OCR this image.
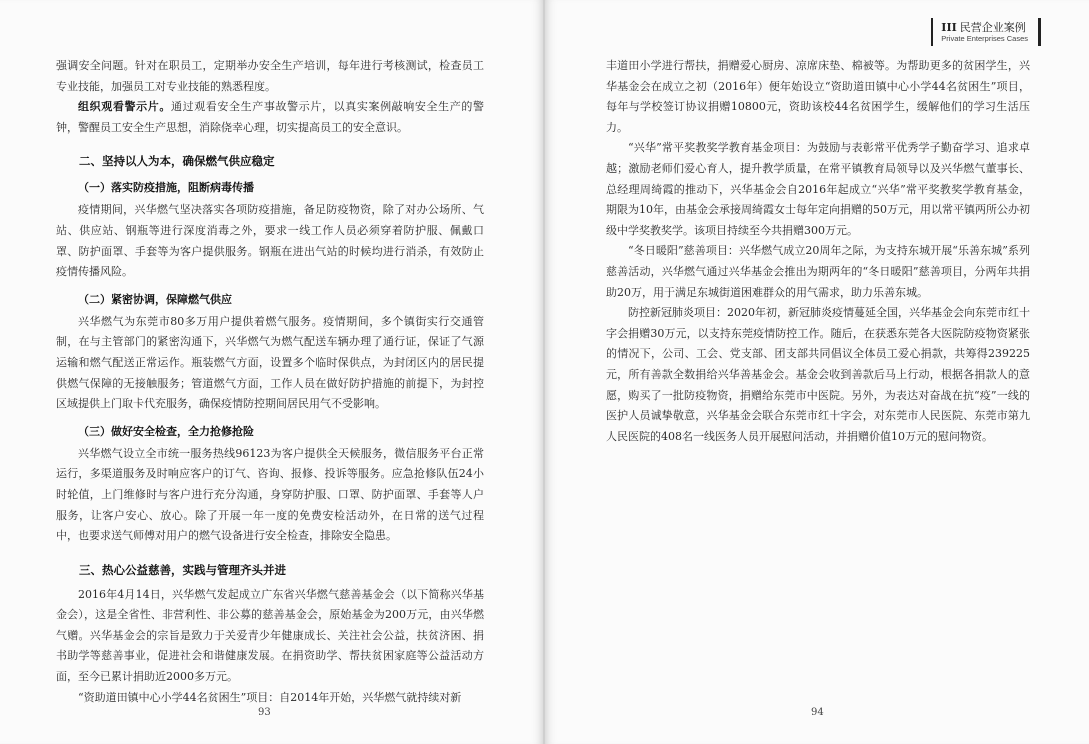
强调安全问题。针对在职员工，定期举办安全生产培训，每年进行考核测试，检查员工专业技能，加强员工对专业技能的熟悉程度。

组织观看警示片。通过观看安全生产事故警示片，以真实案例敲响安全生产的警钟，警醒员工安全生产思想，消除侥幸心理，切实提高员工的安全意识。

二、坚持以人为本，确保燃气供应稳定
（一）落实防疫措施，阻断病毒传播

疫情期间，兴华燃气坚决落实各项防疫措施，备足防疫物资，除了对办公场所、气站、供应站、钢瓶等进行深度消毒之外，要求一线工作人员必须穿着防护服、佩戴口罩、防护面罩、手套等为客户提供服务。钢瓶在进出气站的时候均进行消杀，有效防止疫情传播风险。

（二）紧密协调，保障燃气供应

兴华燃气为东莞市80多万用户提供着燃气服务。疫情期间，多个镇街实行交通管制，在与主管部门的紧密沟通下，兴华燃气为燃气配送车辆办理了通行证，保证了气源运输和燃气配送正常运作。瓶装燃气方面，设置多个临时保供点，为封闭区内的居民提供燃气保障的无接触服务；管道燃气方面，工作人员在做好防护措施的前提下，为封控区域提供上门取卡代充服务，确保疫情防控期间居民用气不受影响。

（三）做好安全检查，全力抢修抢险

兴华燃气设立全市统一服务热线96123为客户提供全天候服务，微信服务平台正常运行，多渠道服务及时响应客户的订气、咨询、报修、投诉等服务。应急抢修队伍24小时轮值，上门维修时与客户进行充分沟通，身穿防护服、口罩、防护面罩、手套等人户服务，让客户安心、放心。除了开展一年一度的免费安检活动外，在日常的送气过程中，也要求送气师傅对用户的燃气设备进行安全检查，排除安全隐患。

三、热心公益慈善，实践与管理齐头并进

2016年4月14日，兴华燃气发起成立广东省兴华燃气慈善基金会（以下简称兴华基金会），这是全省性、非营利性、非公募的慈善基金会，原始基金为200万元，由兴华燃气赠。兴华基金会的宗旨是致力于关爱青少年健康成长、关注社会公益，扶贫济困、捐书助学等慈善事业，促进社会和谐健康发展。在捐资助学、帮扶贫困家庭等公益活动方面，至今已累计捐助近2000多万元。

“资助道田镇中心小学44名贫困生”项目：自2014年开始，兴华燃气就持续对新

93
III 民营企业案例
Private Enterprises Cases

丰道田小学进行帮扶，捐赠爱心厨房、凉席床垫、棉被等。为帮助更多的贫困学生，兴华基金会在成立之初（2016年）便年始设立“资助道田镇中心小学44名贫困生”项目，每年与学校签订协议捐赠10800元，资助该校44名贫困学生，缓解他们的学习生活压力。

“兴华”常平奖教奖学教育基金项目：为鼓励与表彰常平优秀学子勤奋学习、追求卓越；激励老师们爱心育人，提升教学质量，在常平镇教育局领导以及兴华燃气董事长、总经理周绮霞的推动下，兴华基金会自2016年起成立“兴华”常平奖教奖学教育基金，期限为10年，由基金会承接周绮霞女士每年定向捐赠的50万元，用以常平镇两所公办初级中学奖教奖学。该项目持续至今共捐赠300万元。

“冬日暖阳”慈善项目：兴华燃气成立20周年之际，为支持东城开展“乐善东城”系列慈善活动，兴华燃气通过兴华基金会推出为期两年的“冬日暖阳”慈善项目，分两年共捐助20万，用于满足东城街道困难群众的用气需求，助力乐善东城。

防控新冠肺炎项目：2020年初，新冠肺炎疫情蔓延全国，兴华基金会向东莞市红十字会捐赠30万元，以支持东莞疫情防控工作。随后，在获悉东莞各大医院防疫物资紧张的情况下，公司、工会、党支部、团支部共同倡议全体员工爱心捐款，共筹得239225元，所有善款全数捐给兴华善基金会。基金会收到善款后马上行动，根据各捐款人的意愿，购买了一批防疫物资，捐赠给东莞市中医院。另外，为表达对奋战在抗“疫”一线的医护人员诚挚敬意，兴华基金会联合东莞市红十字会，对东莞市人民医院、东莞市第九人民医院的408名一线医务人员开展慰问活动，并捐赠价值10万元的慰问物资。

94
